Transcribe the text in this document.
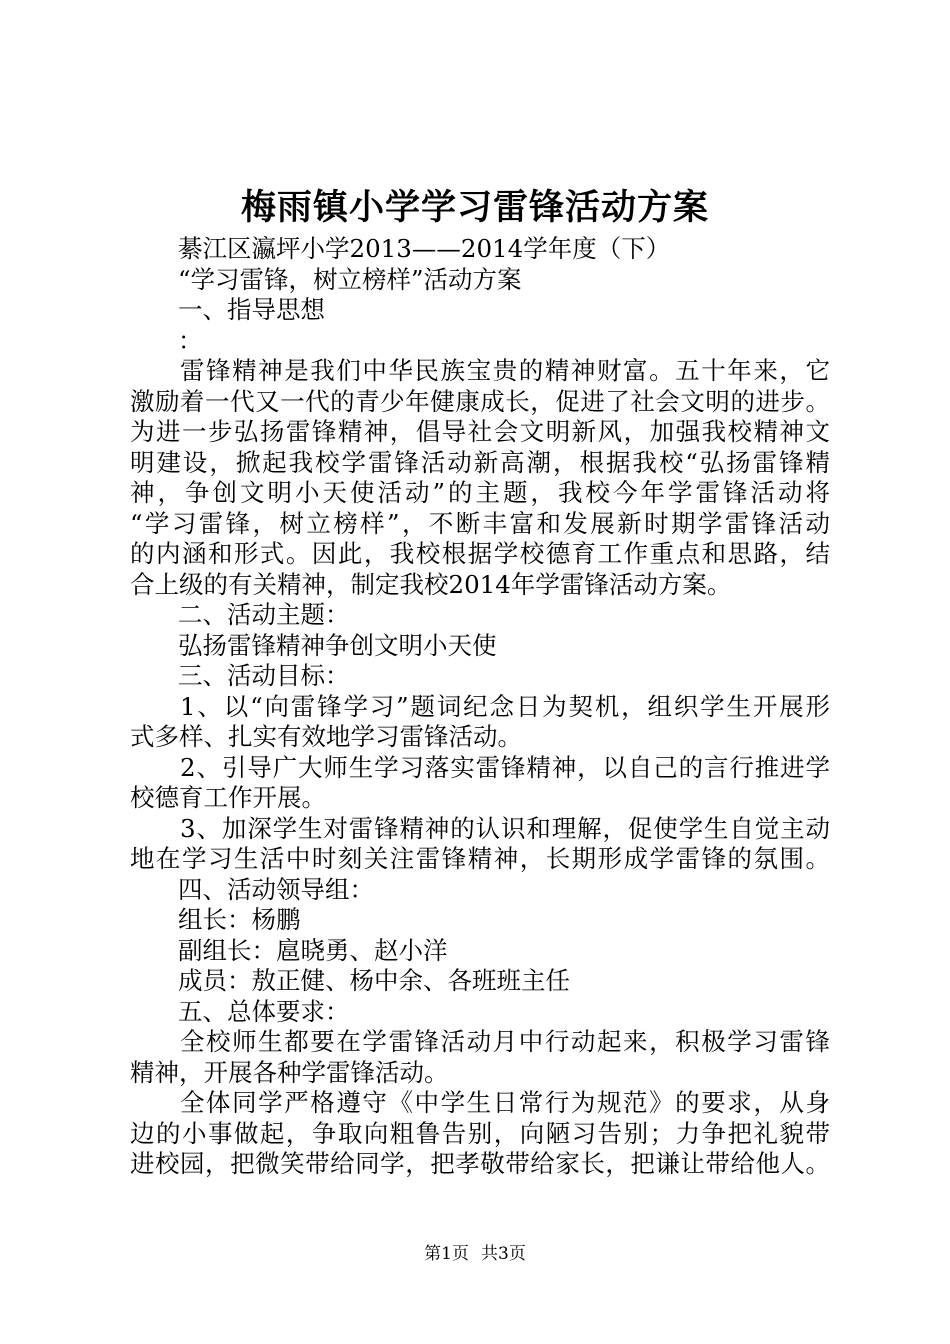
梅雨镇小学学习雷锋活动方案

綦江区瀛坪小学2013——2014学年度（下）

“学习雷锋，树立榜样”活动方案

一、指导思想

：

雷锋精神是我们中华民族宝贵的精神财富。五十年来，它

激励着一代又一代的青少年健康成长，促进了社会文明的进步。

为进一步弘扬雷锋精神，倡导社会文明新风，加强我校精神文

明建设，掀起我校学雷锋活动新高潮，根据我校“弘扬雷锋精

神，争创文明小天使活动”的主题，我校今年学雷锋活动将

“学习雷锋，树立榜样”，不断丰富和发展新时期学雷锋活动

的内涵和形式。因此，我校根据学校德育工作重点和思路，结

合上级的有关精神，制定我校2014年学雷锋活动方案。

二、活动主题：

弘扬雷锋精神争创文明小天使

三、活动目标：

1、以“向雷锋学习”题词纪念日为契机，组织学生开展形

式多样、扎实有效地学习雷锋活动。

2、引导广大师生学习落实雷锋精神，以自己的言行推进学

校德育工作开展。

3、加深学生对雷锋精神的认识和理解，促使学生自觉主动

地在学习生活中时刻关注雷锋精神，长期形成学雷锋的氛围。

四、活动领导组：

组长：杨鹏

副组长：扈晓勇、赵小洋

成员：敖正健、杨中余、各班班主任

五、总体要求：

全校师生都要在学雷锋活动月中行动起来，积极学习雷锋

精神，开展各种学雷锋活动。

全体同学严格遵守《中学生日常行为规范》的要求，从身

边的小事做起，争取向粗鲁告别，向陋习告别；力争把礼貌带

进校园，把微笑带给同学，把孝敬带给家长，把谦让带给他人。

第1页 共3页
